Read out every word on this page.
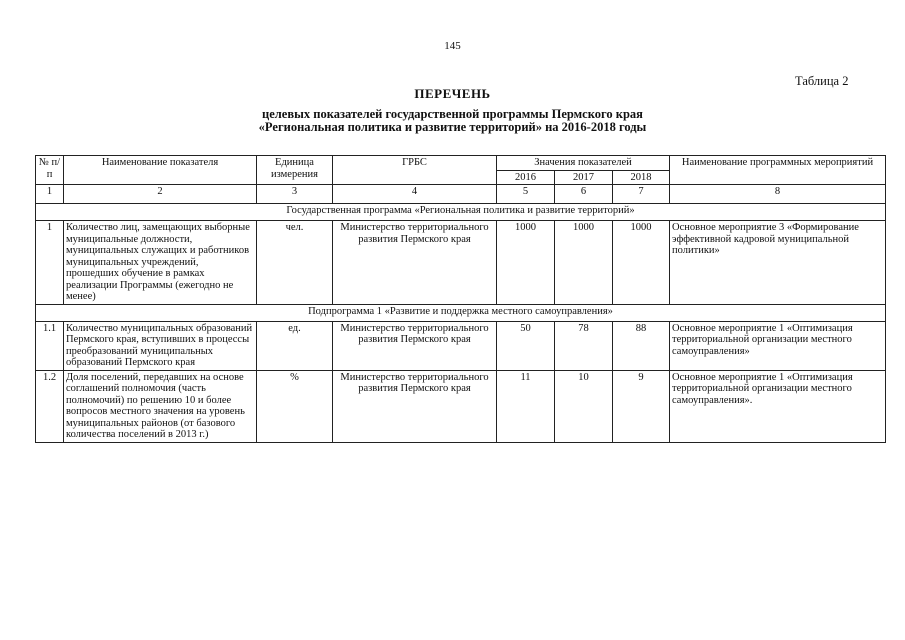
145
Таблица 2
ПЕРЕЧЕНЬ
целевых показателей государственной программы Пермского края
«Региональная политика и развитие территорий» на 2016-2018 годы
№ п/п	Наименование показателя	Единица измерения	ГРБС	Значения показателей			Наименование программных мероприятий
				2016	2017	2018	
1	2	3	4	5	6	7	8
Государственная программа «Региональная политика и развитие территорий»							
1	Количество лиц, замещающих выборные муниципальные должности, муниципальных служащих и работников муниципальных учреждений, прошедших обучение в рамках реализации Программы (ежегодно не менее)	чел.	Министерство территориального развития Пермского края	1000	1000	1000	Основное мероприятие 3 «Формирование эффективной кадровой муниципальной политики»
Подпрограмма 1 «Развитие и поддержка местного самоуправления»							
1.1	Количество муниципальных образований Пермского края, вступивших в процессы преобразований муниципальных образований Пермского края	ед.	Министерство территориального развития Пермского края	50	78	88	Основное мероприятие 1 «Оптимизация территориальной организации местного самоуправления»
1.2	Доля поселений, передавших на основе соглашений полномочия (часть полномочий) по решению 10 и более вопросов местного значения на уровень муниципальных районов (от базового количества поселений в 2013 г.)	%	Министерство территориального развития Пермского края	11	10	9	Основное мероприятие 1 «Оптимизация территориальной организации местного самоуправления».
